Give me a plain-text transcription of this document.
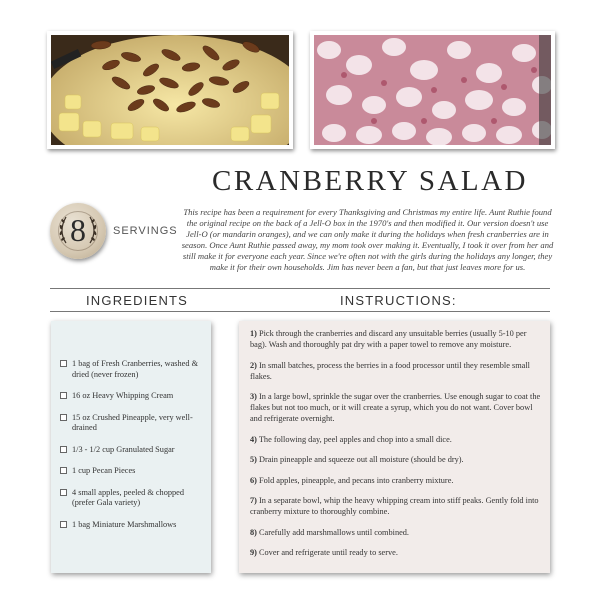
CRANBERRY SALAD
8	SERVINGS
This recipe has been a requirement for every Thanksgiving and Christmas my entire life. Aunt Ruthie found the original recipe on the back of a Jell-O box in the 1970's and then modified it. Our version doesn't use Jell-O (or mandarin oranges), and we can only make it during the holidays when fresh cranberries are in season. Once Aunt Ruthie passed away, my mom took over making it. Eventually, I took it over from her and still make it for everyone each year. Since we're often not with the girls during the holidays any longer, they make it for their own households. Jim has never been a fan, but that just leaves more for us.
INGREDIENTS	INSTRUCTIONS:
1 bag of Fresh Cranberries, washed & dried (never frozen)
16 oz Heavy Whipping Cream
15 oz Crushed Pineapple, very well-drained
1/3 - 1/2 cup Granulated Sugar
1 cup Pecan Pieces
4 small apples, peeled & chopped (prefer Gala variety)
1 bag Miniature Marshmallows
1) Pick through the cranberries and discard any unsuitable berries (usually 5-10 per bag). Wash and thoroughly pat dry with a paper towel to remove any moisture.
2) In small batches, process the berries in a food processor until they resemble small flakes.
3) In a large bowl, sprinkle the sugar over the cranberries. Use enough sugar to coat the flakes but not too much, or it will create a syrup, which you do not want. Cover bowl and refrigerate overnight.
4) The following day, peel apples and chop into a small dice.
5) Drain pineapple and squeeze out all moisture (should be dry).
6) Fold apples, pineapple, and pecans into cranberry mixture.
7) In a separate bowl, whip the heavy whipping cream into stiff peaks. Gently fold into cranberry mixture to thoroughly combine.
8) Carefully add marshmallows until combined.
9) Cover and refrigerate until ready to serve.
